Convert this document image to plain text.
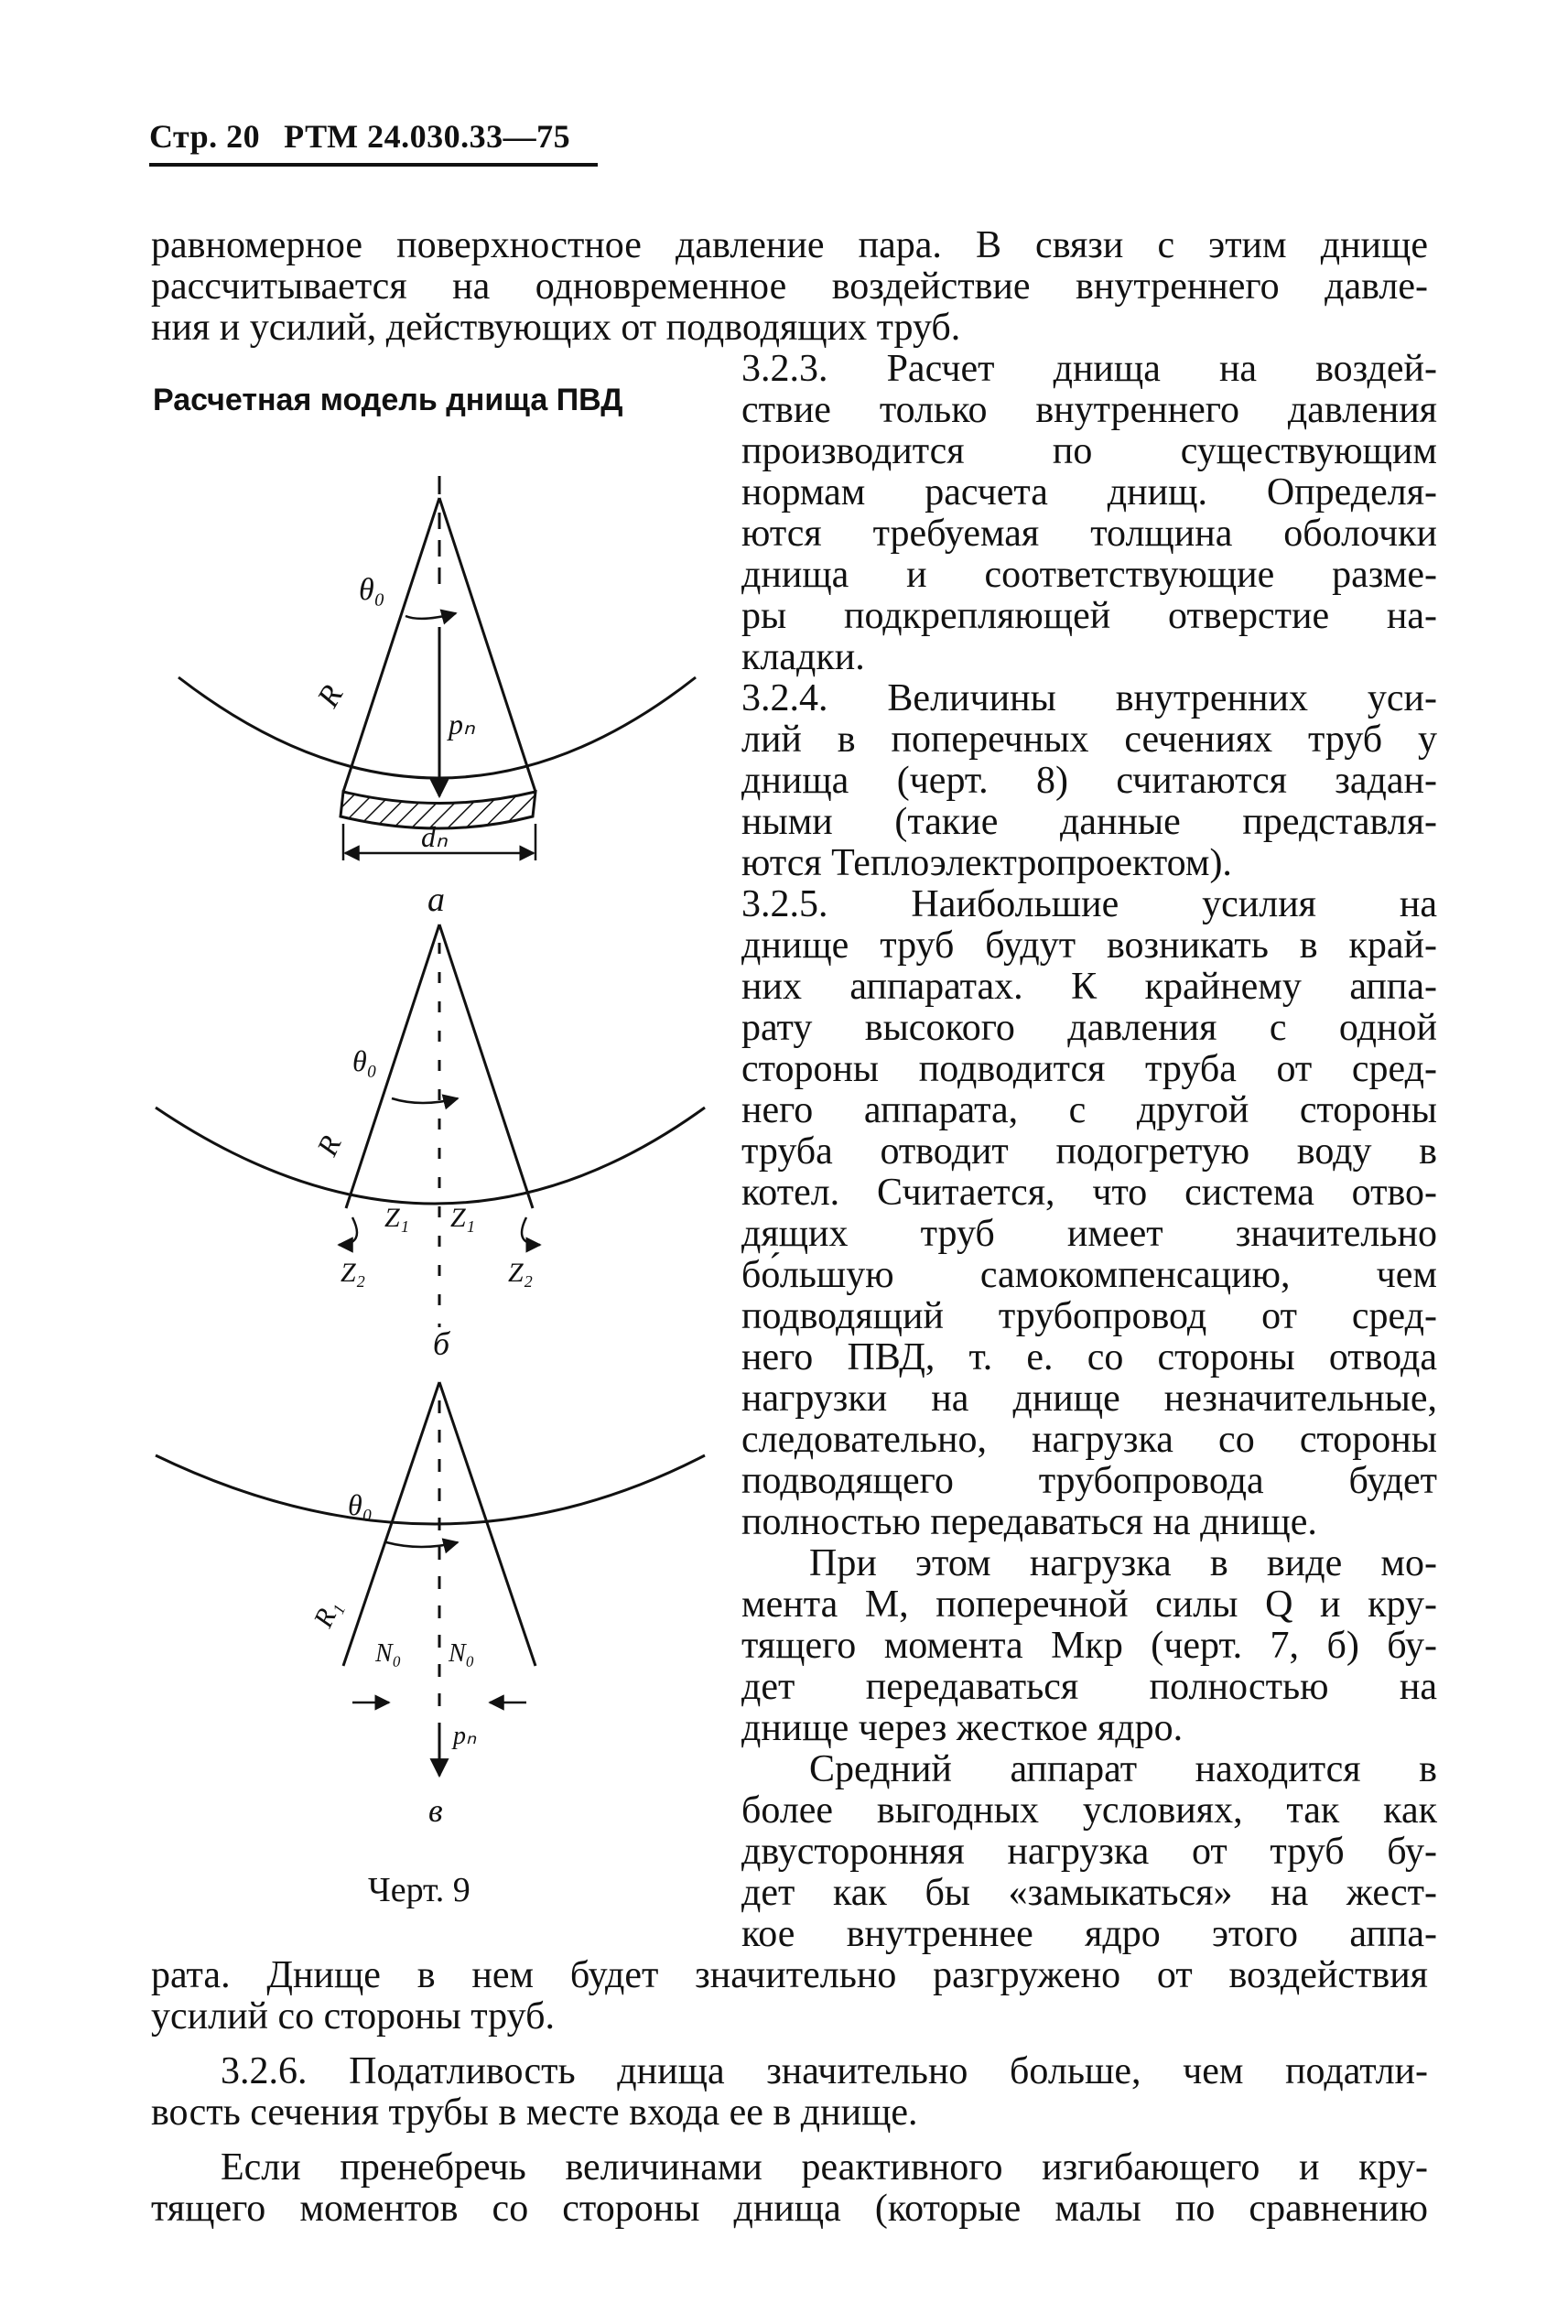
Стр. 20 РТМ 24.030.33—75
равномерное поверхностное давление пара. В связи с этим днище
рассчитывается на одновременное воздействие внутреннего давле-
ния и усилий, действующих от подводящих труб.
Расчетная модель днища ПВД
θ₀
R
pₙ
dₙ
а
θ₀
R
Z₁ Z₁
Z₂	Z₂
б
θ₀
R₁
N₀ N₀
pₙ
в
Черт. 9
3.2.3. Расчет днища на воздей-
ствие только внутреннего давления
производится по существующим
нормам расчета днищ. Определя-
ются требуемая толщина оболочки
днища и соответствующие разме-
ры подкрепляющей отверстие на-
кладки.
3.2.4. Величины внутренних уси-
лий в поперечных сечениях труб у
днища (черт. 8) считаются задан-
ными (такие данные представля-
ются Теплоэлектропроектом).
3.2.5. Наибольшие усилия на
днище труб будут возникать в край-
них аппаратах. К крайнему аппа-
рату высокого давления с одной
стороны подводится труба от сред-
него аппарата, с другой стороны
труба отводит подогретую воду в
котел. Считается, что система отво-
дящих труб имеет значительно
бо́льшую самокомпенсацию, чем
подводящий трубопровод от сред-
него ПВД, т. е. со стороны отвода
нагрузки на днище незначительные,
следовательно, нагрузка со стороны
подводящего трубопровода будет
полностью передаваться на днище.
При этом нагрузка в виде мо-
мента М, поперечной силы Q и кру-
тящего момента Мкр (черт. 7, б) бу-
дет передаваться полностью на
днище через жесткое ядро.
Средний аппарат находится в
более выгодных условиях, так как
двусторонняя нагрузка от труб бу-
дет как бы «замыкаться» на жест-
кое внутреннее ядро этого аппа-
рата. Днище в нем будет значительно разгружено от воздействия
усилий со стороны труб.
3.2.6. Податливость днища значительно больше, чем податли-
вость сечения трубы в месте входа ее в днище.
Если пренебречь величинами реактивного изгибающего и кру-
тящего моментов со стороны днища (которые малы по сравнению
